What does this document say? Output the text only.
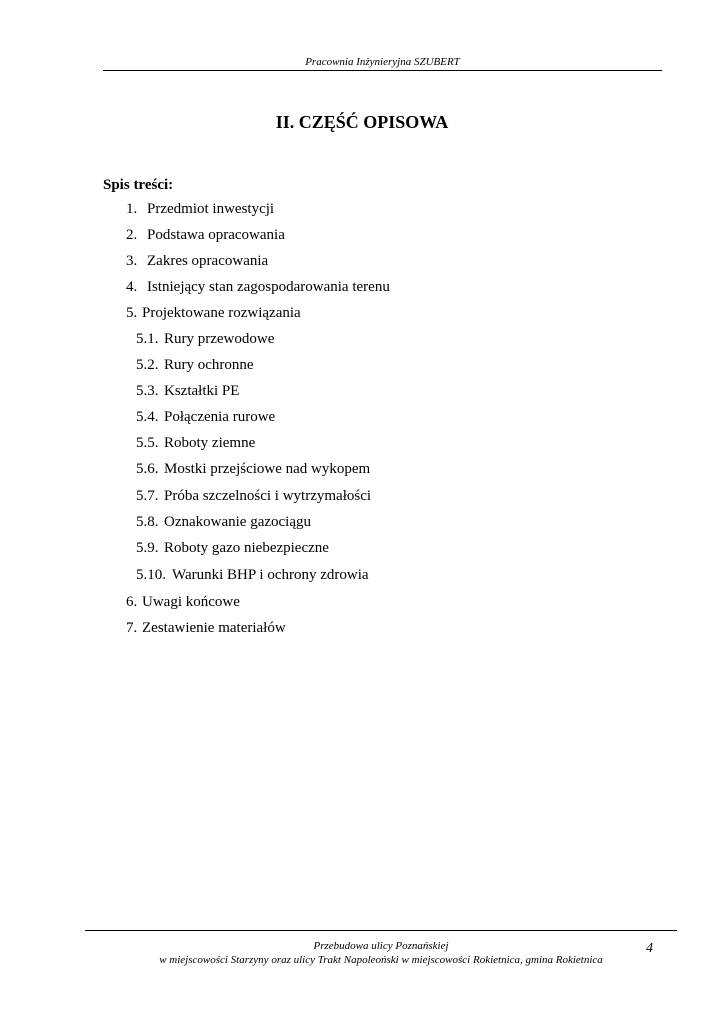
Pracownia Inżynieryjna SZUBERT
II. CZĘŚĆ OPISOWA
Spis treści:
1. Przedmiot inwestycji
2. Podstawa opracowania
3. Zakres opracowania
4. Istniejący stan zagospodarowania terenu
5. Projektowane rozwiązania
5.1. Rury przewodowe
5.2. Rury ochronne
5.3. Kształtki PE
5.4. Połączenia rurowe
5.5. Roboty ziemne
5.6. Mostki przejściowe nad wykopem
5.7. Próba szczelności i wytrzymałości
5.8. Oznakowanie gazociągu
5.9. Roboty gazo niebezpieczne
5.10. Warunki BHP i ochrony zdrowia
6. Uwagi końcowe
7. Zestawienie materiałów
Przebudowa ulicy Poznańskiej
w miejscowości Starzyny oraz ulicy Trakt Napoleoński w miejscowości Rokietnica, gmina Rokietnica
4
